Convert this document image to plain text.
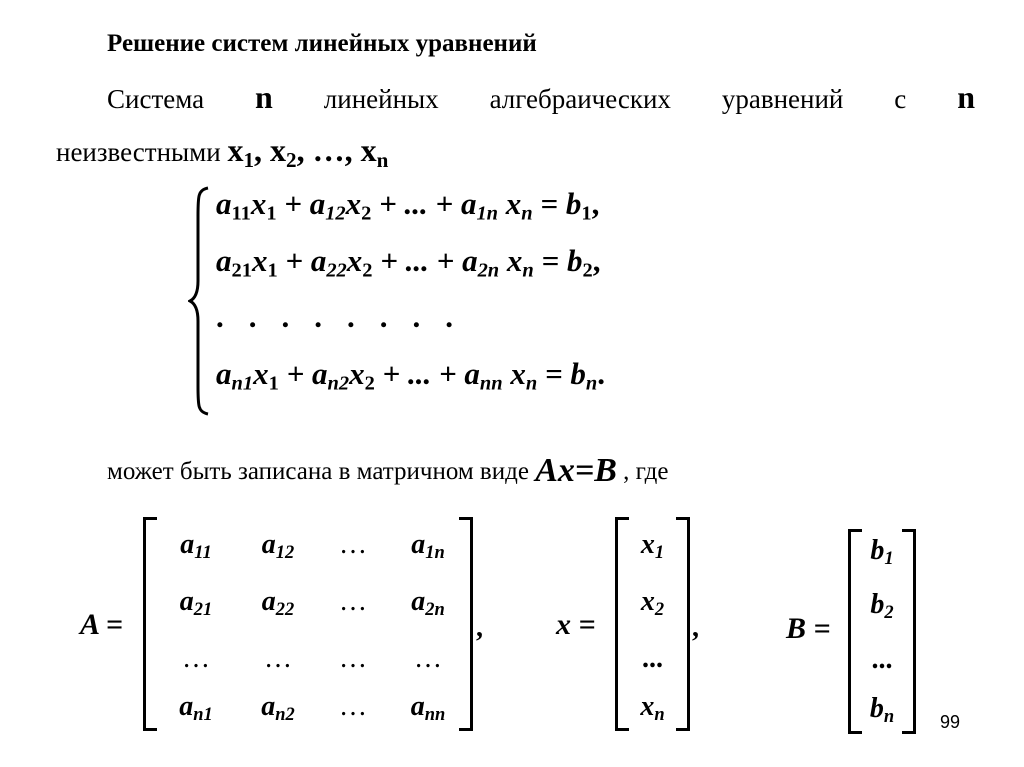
Решение систем линейных уравнений
Система n линейных алгебраических уравнений с n
неизвестными $x_1$, $x_2$, …, $x_n$
$a_{11}x_1 + a_{12}x_2$ + ... + $a_{1n}$ $x_n = b_1$,
$a_{21}x_1 + a_{22}x_2$ + ... + $a_{2n}$ $x_n = b_2$,
........
$a_{n1}x_1 + a_{n2}x_2$ + ... + $a_{nn}$ $x_n = b_n$.
может быть записана в матричном виде Ax=B , где
A =
$a_{11}$	$a_{12}$	…	$a_{1n}$
$a_{21}$	$a_{22}$	…	$a_{2n}$
…	…	…	…
$a_{n1}$	$a_{n2}$	…	$a_{nn}$
, x =
$x_1$
$x_2$
...
$x_n$
,	B =
$b_1$
$b_2$
...
$b_n$	99
